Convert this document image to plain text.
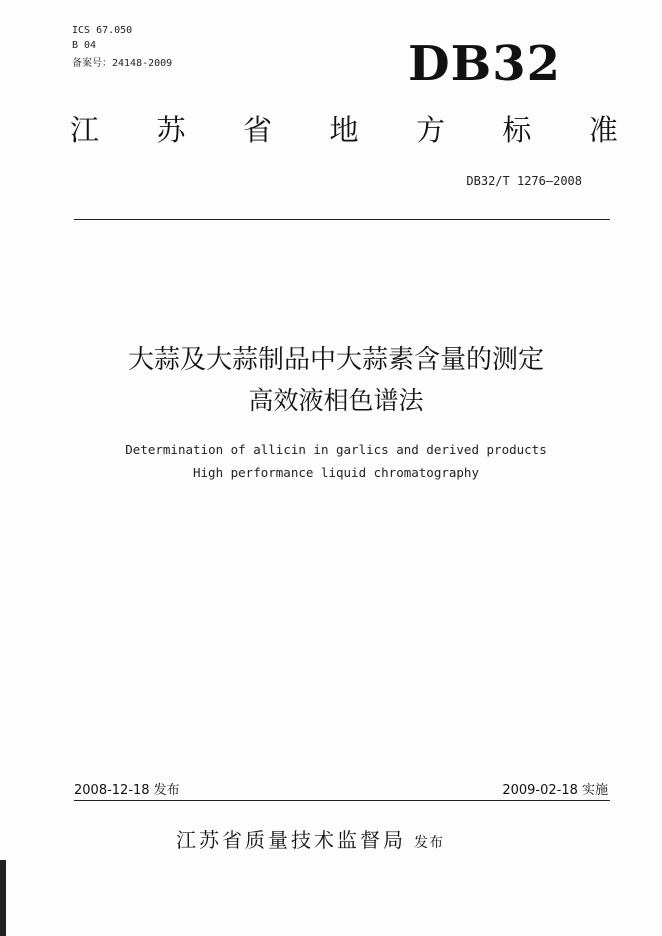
ICS 67.050
B 04
备案号：24148-2009	DB32
江 苏 省 地 方 标 准
DB32/T 1276—2008
大蒜及大蒜制品中大蒜素含量的测定
高效液相色谱法
Determination of allicin in garlics and derived products
High performance liquid chromatography
2008-12-18 发布	2009-02-18 实施
江苏省质量技术监督局 发布
